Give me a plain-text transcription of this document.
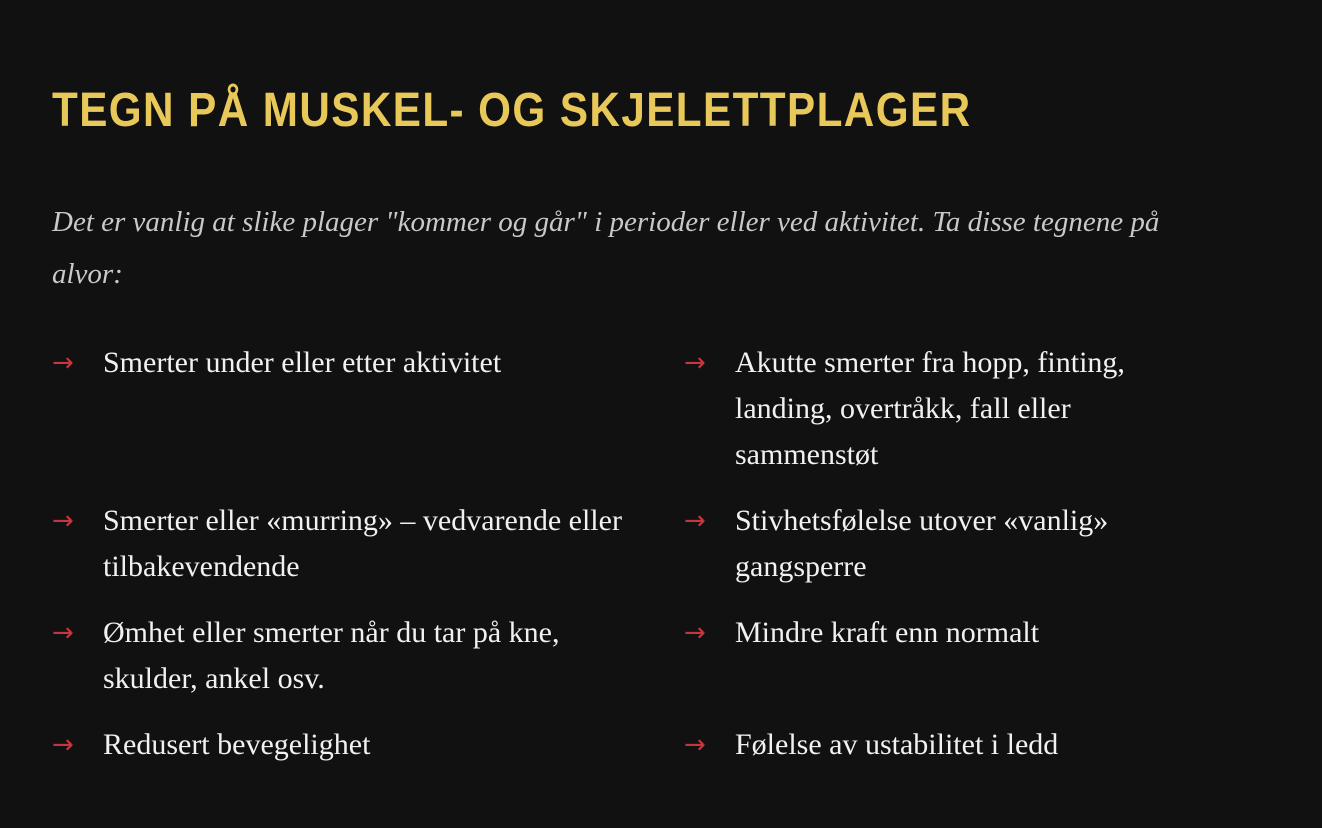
TEGN PÅ MUSKEL- OG SKJELETTPLAGER

Det er vanlig at slike plager "kommer og går" i perioder eller ved aktivitet. Ta disse tegnene på alvor:

→ Smerter under eller etter aktivitet	→ Akutte smerter fra hopp, finting, landing, overtråkk, fall eller sammenstøt
→ Smerter eller «murring» – vedvarende eller tilbakevendende
→ Stivhetsfølelse utover «vanlig» gangsperre
→ Ømhet eller smerter når du tar på kne, skulder, ankel osv.
→ Mindre kraft enn normalt
→ Redusert bevegelighet	→ Følelse av ustabilitet i ledd
